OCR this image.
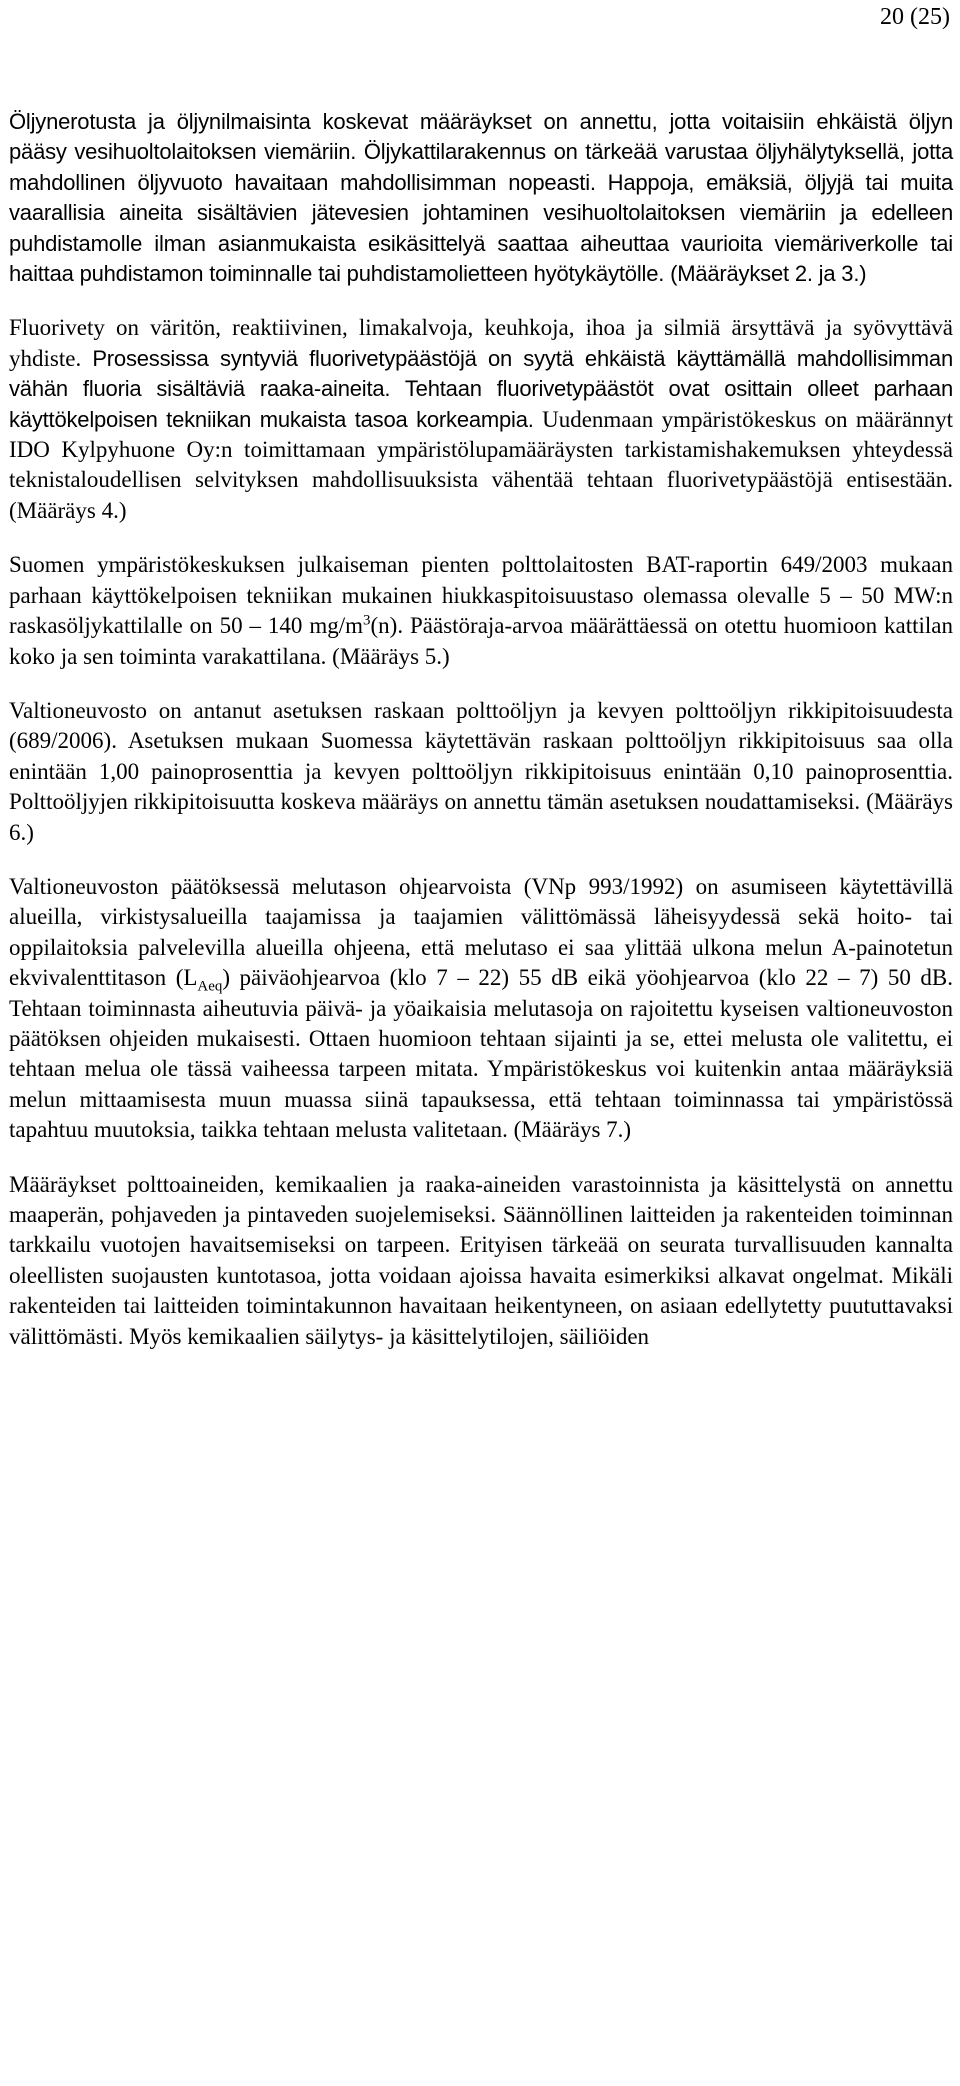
20 (25)

Öljynerotusta ja öljynilmaisinta koskevat määräykset on annettu, jotta voitaisiin ehkäistä öljyn pääsy vesihuoltolaitoksen viemäriin. Öljykattilarakennus on tärkeää varustaa öljyhälytyksellä, jotta mahdollinen öljyvuoto havaitaan mahdollisimman nopeasti. Happoja, emäksiä, öljyjä tai muita vaarallisia aineita sisältävien jätevesien johtaminen vesihuoltolaitoksen viemäriin ja edelleen puhdistamolle ilman asianmukaista esikäsittelyä saattaa aiheuttaa vaurioita viemäriverkolle tai haittaa puhdistamon toiminnalle tai puhdistamolietteen hyötykäytölle. (Määräykset 2. ja 3.)

Fluorivety on väritön, reaktiivinen, limakalvoja, keuhkoja, ihoa ja silmiä ärsyttävä ja syövyttävä yhdiste. Prosessissa syntyviä fluorivetypäästöjä on syytä ehkäistä käyttämällä mahdollisimman vähän fluoria sisältäviä raaka-aineita. Tehtaan fluorivetypäästöt ovat osittain olleet parhaan käyttökelpoisen tekniikan mukaista tasoa korkeampia. Uudenmaan ympäristökeskus on määrännyt IDO Kylpyhuone Oy:n toimittamaan ympäristölupamääräysten tarkistamishakemuksen yhteydessä teknistaloudellisen selvityksen mahdollisuuksista vähentää tehtaan fluorivetypäästöjä entisestään. (Määräys 4.)

Suomen ympäristökeskuksen julkaiseman pienten polttolaitosten BAT-raportin 649/2003 mukaan parhaan käyttökelpoisen tekniikan mukainen hiukkaspitoisuustaso olemassa olevalle 5 – 50 MW:n raskasöljykattilalle on 50 – 140 $mg/m^3(n)$. Päästöraja-arvoa määrättäessä on otettu huomioon kattilan koko ja sen toiminta varakattilana. (Määräys 5.)

Valtioneuvosto on antanut asetuksen raskaan polttoöljyn ja kevyen polttoöljyn rikkipitoisuudesta (689/2006). Asetuksen mukaan Suomessa käytettävän raskaan polttoöljyn rikkipitoisuus saa olla enintään 1,00 painoprosenttia ja kevyen polttoöljyn rikkipitoisuus enintään 0,10 painoprosenttia. Polttoöljyjen rikkipitoisuutta koskeva määräys on annettu tämän asetuksen noudattamiseksi. (Määräys 6.)

Valtioneuvoston päätöksessä melutason ohjearvoista (VNp 993/1992) on asumiseen käytettävillä alueilla, virkistysalueilla taajamissa ja taajamien välittömässä läheisyydessä sekä hoito- tai oppilaitoksia palvelevilla alueilla ohjeena, että melutaso ei saa ylittää ulkona melun A-painotetun ekvivalenttitason $(L_{Aeq})$ päiväohjearvoa (klo 7 – 22) 55 dB eikä yöohjearvoa (klo 22 – 7) 50 dB. Tehtaan toiminnasta aiheutuvia päivä- ja yöaikaisia melutasoja on rajoitettu kyseisen valtioneuvoston päätöksen ohjeiden mukaisesti. Ottaen huomioon tehtaan sijainti ja se, ettei melusta ole valitettu, ei tehtaan melua ole tässä vaiheessa tarpeen mitata. Ympäristökeskus voi kuitenkin antaa määräyksiä melun mittaamisesta muun muassa siinä tapauksessa, että tehtaan toiminnassa tai ympäristössä tapahtuu muutoksia, taikka tehtaan melusta valitetaan. (Määräys 7.)

Määräykset polttoaineiden, kemikaalien ja raaka-aineiden varastoinnista ja käsittelystä on annettu maaperän, pohjaveden ja pintaveden suojelemiseksi. Säännöllinen laitteiden ja rakenteiden toiminnan tarkkailu vuotojen havaitsemiseksi on tarpeen. Erityisen tärkeää on seurata turvallisuuden kannalta oleellisten suojausten kuntotasoa, jotta voidaan ajoissa havaita esimerkiksi alkavat ongelmat. Mikäli rakenteiden tai laitteiden toimintakunnon havaitaan heikentyneen, on asiaan edellytetty puututtavaksi välittömästi. Myös kemikaalien säilytys- ja käsittelytilojen, säiliöiden
